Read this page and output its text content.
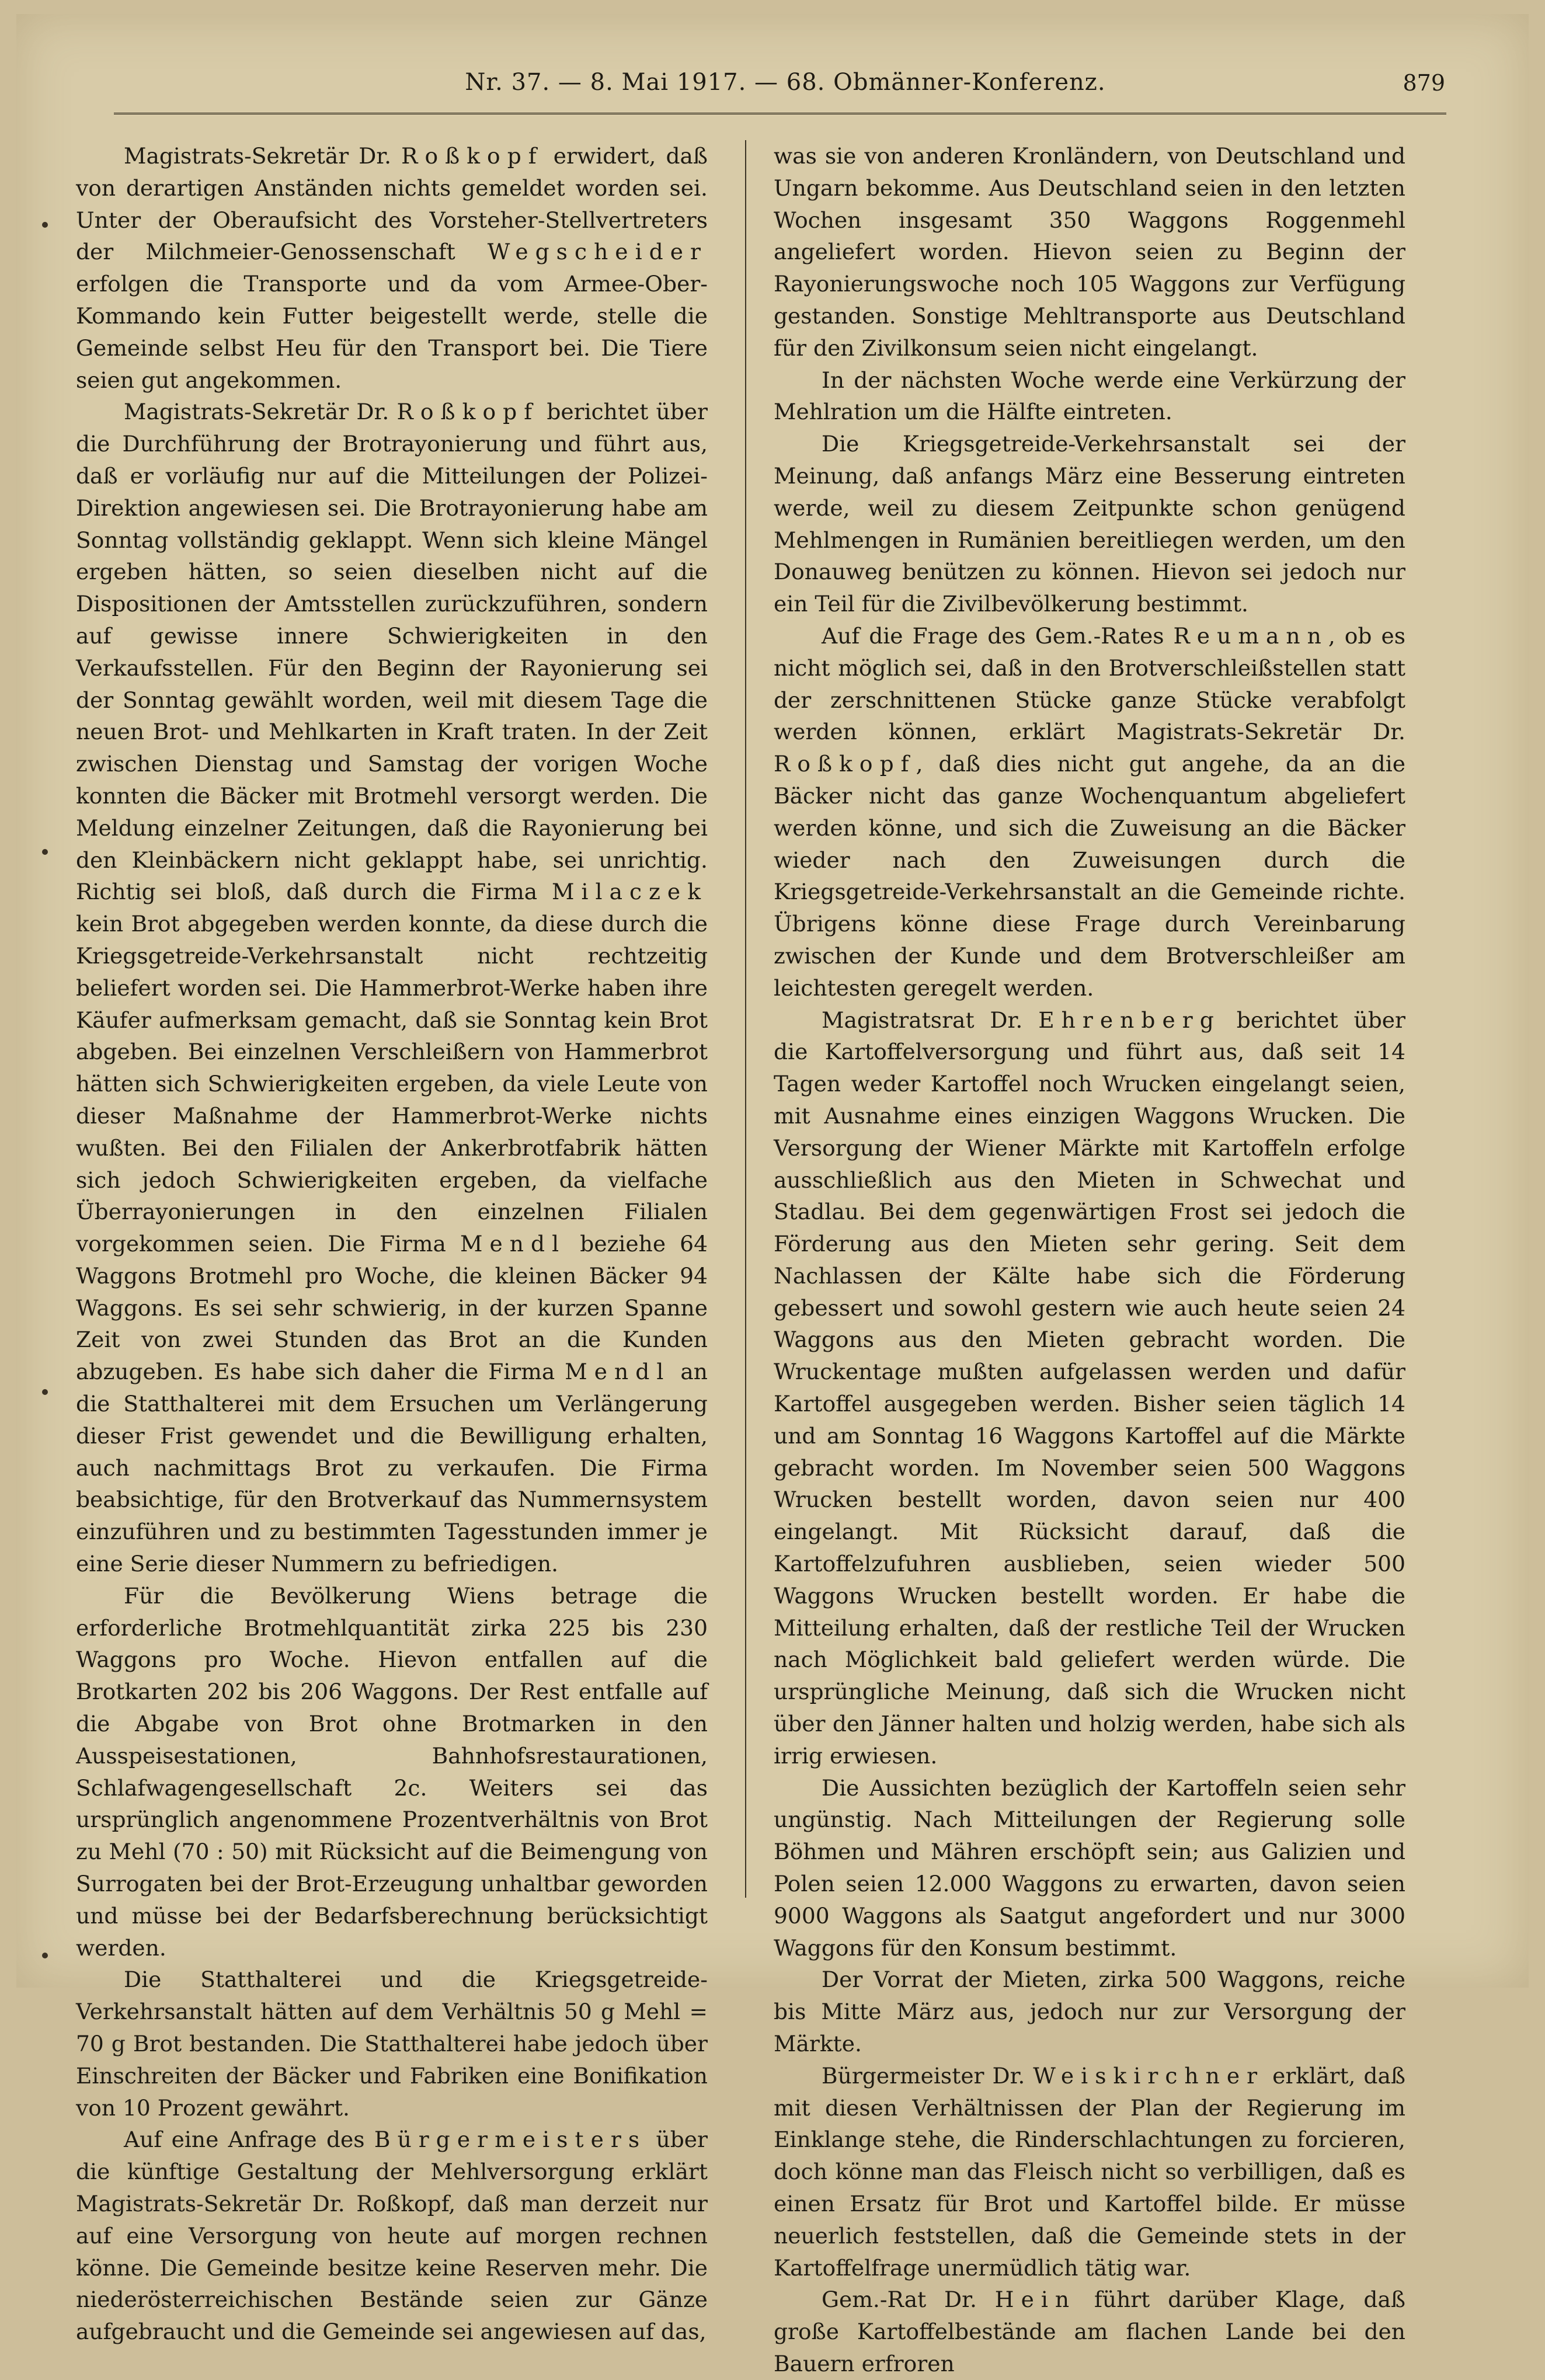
Nr. 37. — 8. Mai 1917. — 68. Obmänner-Konferenz.	879

Magistrats-Sekretär Dr. Roßkopf erwidert, daß von derartigen Anständen nichts gemeldet worden sei. Unter der Oberaufsicht des Vorsteher-Stellvertreters der Milchmeier-Genossenschaft Wegscheider erfolgen die Transporte und da vom Armee-Ober-Kommando kein Futter beigestellt werde, stelle die Gemeinde selbst Heu für den Transport bei. Die Tiere seien gut angekommen.

Magistrats-Sekretär Dr. Roßkopf berichtet über die Durchführung der Brotrayonierung und führt aus, daß er vorläufig nur auf die Mitteilungen der Polizei-Direktion angewiesen sei. Die Brotrayonierung habe am Sonntag vollständig geklappt. Wenn sich kleine Mängel ergeben hätten, so seien dieselben nicht auf die Dispositionen der Amtsstellen zurückzuführen, sondern auf gewisse innere Schwierigkeiten in den Verkaufsstellen. Für den Beginn der Rayonierung sei der Sonntag gewählt worden, weil mit diesem Tage die neuen Brot- und Mehlkarten in Kraft traten. In der Zeit zwischen Dienstag und Samstag der vorigen Woche konnten die Bäcker mit Brotmehl versorgt werden. Die Meldung einzelner Zeitungen, daß die Rayonierung bei den Kleinbäckern nicht geklappt habe, sei unrichtig. Richtig sei bloß, daß durch die Firma Milaczek kein Brot abgegeben werden konnte, da diese durch die Kriegsgetreide-Verkehrsanstalt nicht rechtzeitig beliefert worden sei. Die Hammerbrot-Werke haben ihre Käufer aufmerksam gemacht, daß sie Sonntag kein Brot abgeben. Bei einzelnen Verschleißern von Hammerbrot hätten sich Schwierigkeiten ergeben, da viele Leute von dieser Maßnahme der Hammerbrot-Werke nichts wußten. Bei den Filialen der Ankerbrotfabrik hätten sich jedoch Schwierigkeiten ergeben, da vielfache Überrayonierungen in den einzelnen Filialen vorgekommen seien. Die Firma Mendl beziehe 64 Waggons Brotmehl pro Woche, die kleinen Bäcker 94 Waggons. Es sei sehr schwierig, in der kurzen Spanne Zeit von zwei Stunden das Brot an die Kunden abzugeben. Es habe sich daher die Firma Mendl an die Statthalterei mit dem Ersuchen um Verlängerung dieser Frist gewendet und die Bewilligung erhalten, auch nachmittags Brot zu verkaufen. Die Firma beabsichtige, für den Brotverkauf das Nummernsystem einzuführen und zu bestimmten Tagesstunden immer je eine Serie dieser Nummern zu befriedigen.

Für die Bevölkerung Wiens betrage die erforderliche Brotmehlquantität zirka 225 bis 230 Waggons pro Woche. Hievon entfallen auf die Brotkarten 202 bis 206 Waggons. Der Rest entfalle auf die Abgabe von Brot ohne Brotmarken in den Ausspeisestationen, Bahnhofsrestaurationen, Schlafwagengesellschaft 2c. Weiters sei das ursprünglich angenommene Prozentverhältnis von Brot zu Mehl (70 : 50) mit Rücksicht auf die Beimengung von Surrogaten bei der Brot-Erzeugung unhaltbar geworden und müsse bei der Bedarfsberechnung berücksichtigt werden.

Die Statthalterei und die Kriegsgetreide-Verkehrsanstalt hätten auf dem Verhältnis 50 g Mehl = 70 g Brot bestanden. Die Statthalterei habe jedoch über Einschreiten der Bäcker und Fabriken eine Bonifikation von 10 Prozent gewährt.

Auf eine Anfrage des Bürgermeisters über die künftige Gestaltung der Mehlversorgung erklärt Magistrats-Sekretär Dr. Roßkopf, daß man derzeit nur auf eine Versorgung von heute auf morgen rechnen könne. Die Gemeinde besitze keine Reserven mehr. Die niederösterreichischen Bestände seien zur Gänze aufgebraucht und die Gemeinde sei angewiesen auf das,

was sie von anderen Kronländern, von Deutschland und Ungarn bekomme. Aus Deutschland seien in den letzten Wochen insgesamt 350 Waggons Roggenmehl angeliefert worden. Hievon seien zu Beginn der Rayonierungswoche noch 105 Waggons zur Verfügung gestanden. Sonstige Mehltransporte aus Deutschland für den Zivilkonsum seien nicht eingelangt.

In der nächsten Woche werde eine Verkürzung der Mehlration um die Hälfte eintreten.

Die Kriegsgetreide-Verkehrsanstalt sei der Meinung, daß anfangs März eine Besserung eintreten werde, weil zu diesem Zeitpunkte schon genügend Mehlmengen in Rumänien bereitliegen werden, um den Donauweg benützen zu können. Hievon sei jedoch nur ein Teil für die Zivilbevölkerung bestimmt.

Auf die Frage des Gem.-Rates Reumann, ob es nicht möglich sei, daß in den Brotverschleißstellen statt der zerschnittenen Stücke ganze Stücke verabfolgt werden können, erklärt Magistrats-Sekretär Dr. Roßkopf, daß dies nicht gut angehe, da an die Bäcker nicht das ganze Wochenquantum abgeliefert werden könne, und sich die Zuweisung an die Bäcker wieder nach den Zuweisungen durch die Kriegsgetreide-Verkehrsanstalt an die Gemeinde richte. Übrigens könne diese Frage durch Vereinbarung zwischen der Kunde und dem Brotverschleißer am leichtesten geregelt werden.

Magistratsrat Dr. Ehrenberg berichtet über die Kartoffelversorgung und führt aus, daß seit 14 Tagen weder Kartoffel noch Wrucken eingelangt seien, mit Ausnahme eines einzigen Waggons Wrucken. Die Versorgung der Wiener Märkte mit Kartoffeln erfolge ausschließlich aus den Mieten in Schwechat und Stadlau. Bei dem gegenwärtigen Frost sei jedoch die Förderung aus den Mieten sehr gering. Seit dem Nachlassen der Kälte habe sich die Förderung gebessert und sowohl gestern wie auch heute seien 24 Waggons aus den Mieten gebracht worden. Die Wruckentage mußten aufgelassen werden und dafür Kartoffel ausgegeben werden. Bisher seien täglich 14 und am Sonntag 16 Waggons Kartoffel auf die Märkte gebracht worden. Im November seien 500 Waggons Wrucken bestellt worden, davon seien nur 400 eingelangt. Mit Rücksicht darauf, daß die Kartoffelzufuhren ausblieben, seien wieder 500 Waggons Wrucken bestellt worden. Er habe die Mitteilung erhalten, daß der restliche Teil der Wrucken nach Möglichkeit bald geliefert werden würde. Die ursprüngliche Meinung, daß sich die Wrucken nicht über den Jänner halten und holzig werden, habe sich als irrig erwiesen.

Die Aussichten bezüglich der Kartoffeln seien sehr ungünstig. Nach Mitteilungen der Regierung solle Böhmen und Mähren erschöpft sein; aus Galizien und Polen seien 12.000 Waggons zu erwarten, davon seien 9000 Waggons als Saatgut angefordert und nur 3000 Waggons für den Konsum bestimmt.

Der Vorrat der Mieten, zirka 500 Waggons, reiche bis Mitte März aus, jedoch nur zur Versorgung der Märkte.

Bürgermeister Dr. Weiskirchner erklärt, daß mit diesen Verhältnissen der Plan der Regierung im Einklange stehe, die Rinderschlachtungen zu forcieren, doch könne man das Fleisch nicht so verbilligen, daß es einen Ersatz für Brot und Kartoffel bilde. Er müsse neuerlich feststellen, daß die Gemeinde stets in der Kartoffelfrage unermüdlich tätig war.

Gem.-Rat Dr. Hein führt darüber Klage, daß große Kartoffelbestände am flachen Lande bei den Bauern erfroren
